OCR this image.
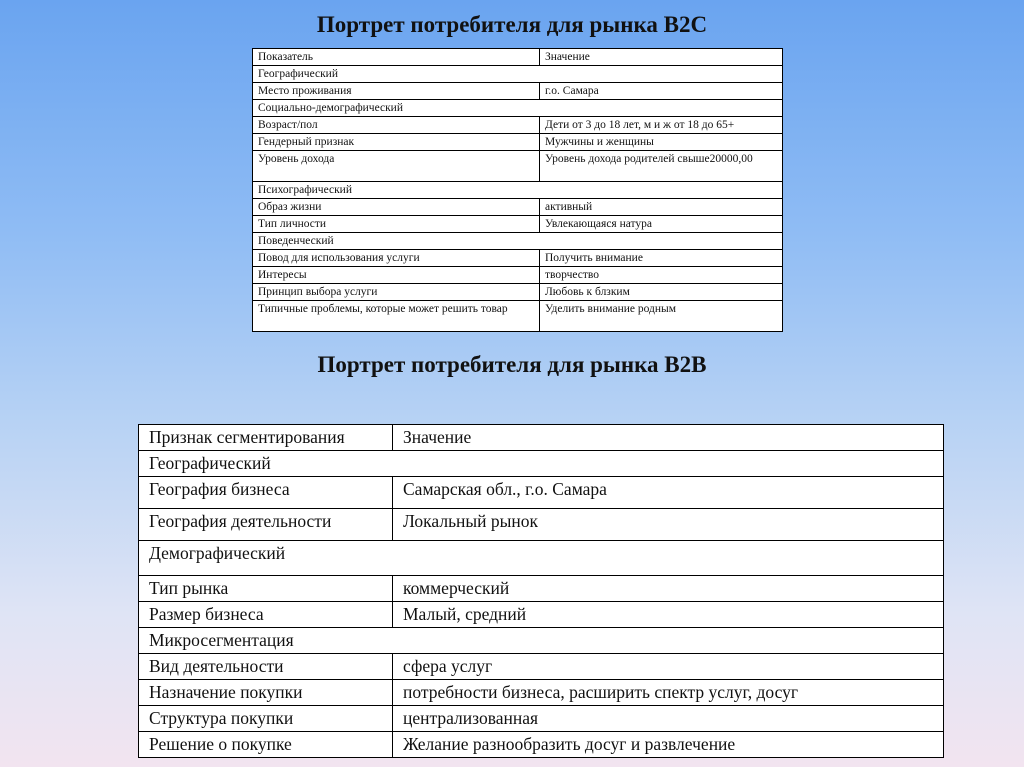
Портрет потребителя для рынка B2C
Показатель	Значение
Географический	
Место проживания	г.о. Самара
Социально-демографический	
Возраст/пол	Дети от 3 до 18 лет, м и ж от 18 до 65+
Гендерный признак	Мужчины и женщины
Уровень дохода	Уровень дохода родителей свыше20000,00
Психографический	
Образ жизни	активный
Тип личности	Увлекающаяся натура
Поведенческий	
Повод для использования услуги	Получить внимание
Интересы	творчество
Принцип выбора услуги	Любовь к блзким
Типичные проблемы, которые может решить товар	Уделить внимание родным
Портрет потребителя для рынка B2B
Признак сегментирования	Значение
Географический	
География бизнеса	Самарская обл., г.о. Самара
География деятельности	Локальный рынок
Демографический	
Тип рынка	коммерческий
Размер бизнеса	Малый, средний
Микросегментация	
Вид деятельности	сфера услуг
Назначение покупки	потребности бизнеса, расширить спектр услуг, досуг
Структура покупки	централизованная
Решение о покупке	Желание разнообразить досуг и развлечение
